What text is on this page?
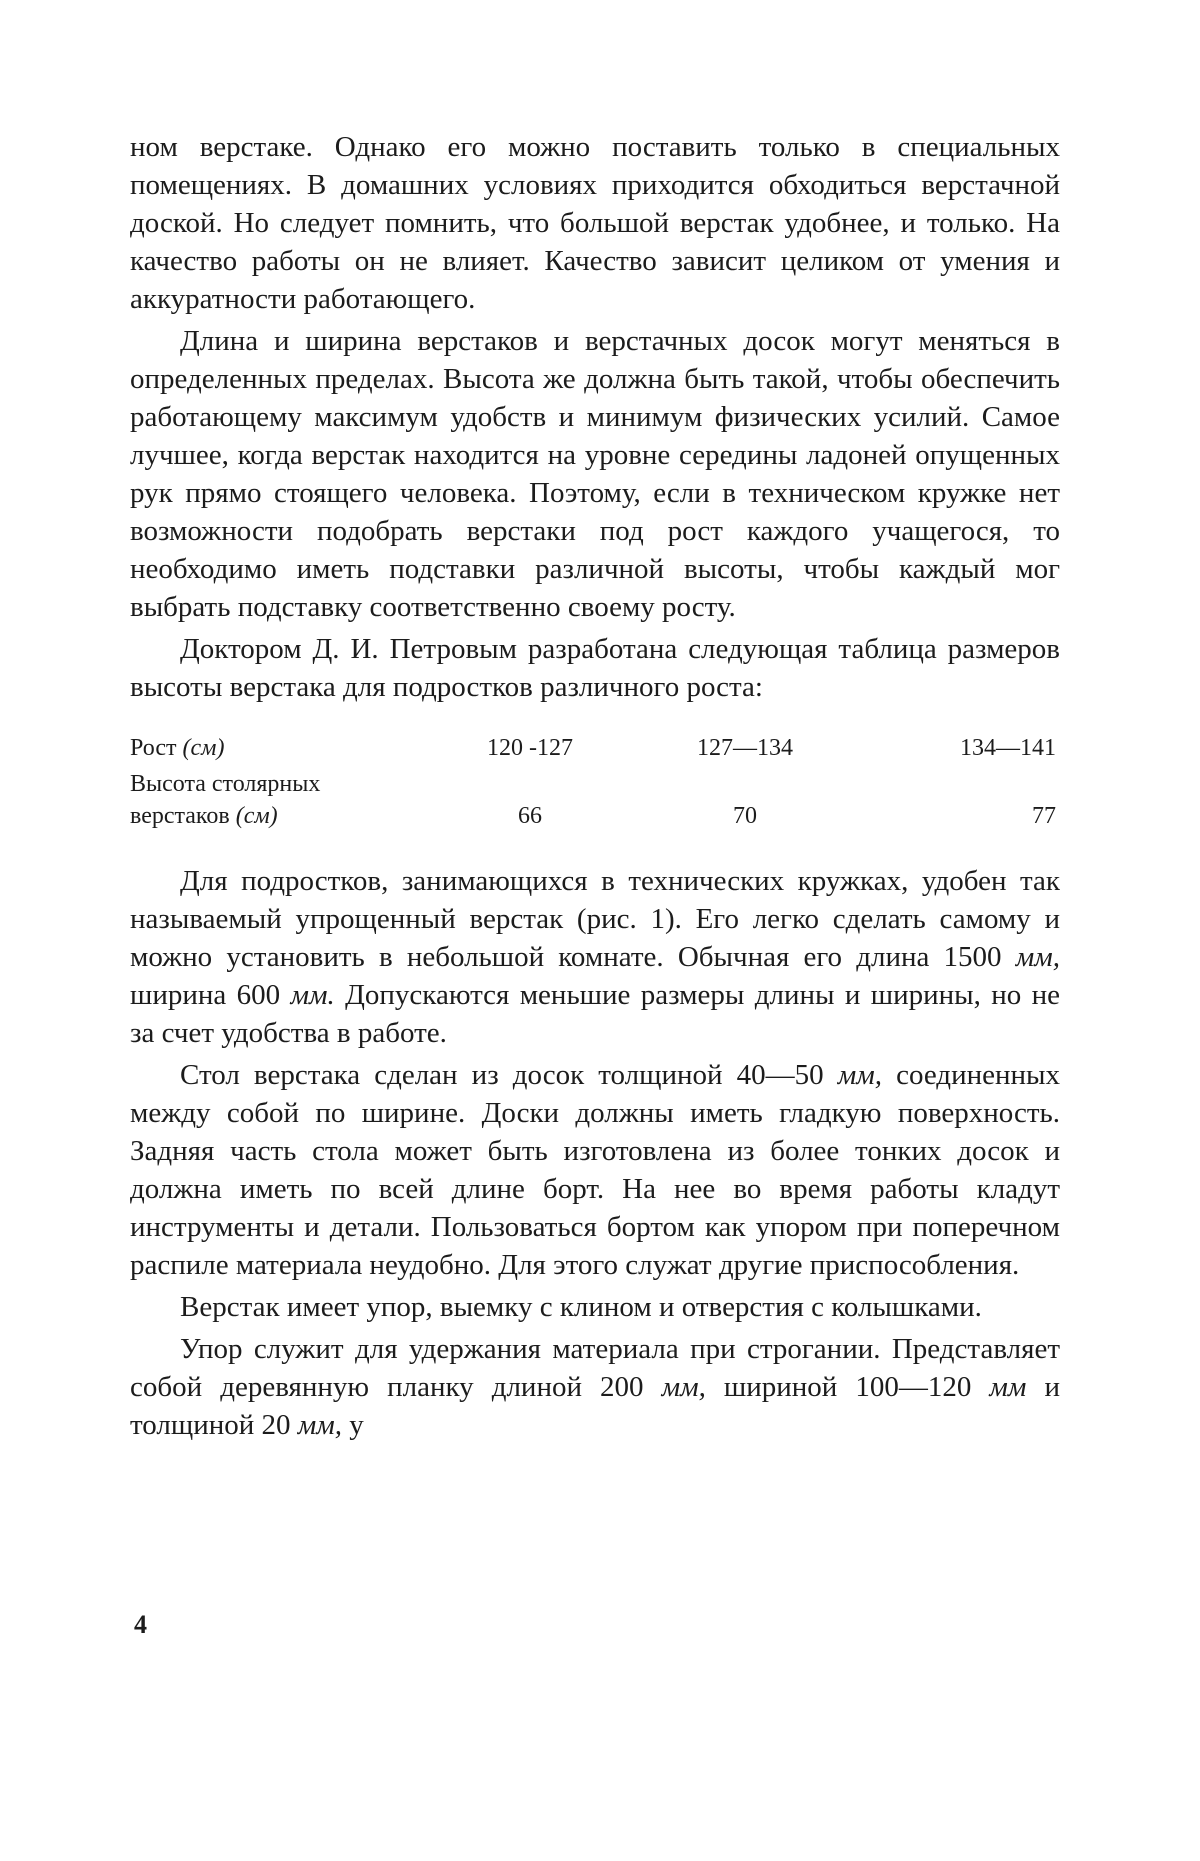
ном верстаке. Однако его можно поставить только в специальных помещениях. В домашних условиях приходится обходиться верстачной доской. Но следует помнить, что большой верстак удобнее, и только. На качество работы он не влияет. Качество зависит целиком от умения и аккуратности работающего.

Длина и ширина верстаков и верстачных досок могут меняться в определенных пределах. Высота же должна быть такой, чтобы обеспечить работающему максимум удобств и минимум физических усилий. Самое лучшее, когда верстак находится на уровне середины ладоней опущенных рук прямо стоящего человека. Поэтому, если в техническом кружке нет возможности подобрать верстаки под рост каждого учащегося, то необходимо иметь подставки различной высоты, чтобы каждый мог выбрать подставку соответственно своему росту.

Доктором Д. И. Петровым разработана следующая таблица размеров высоты верстака для подростков различного роста:

Рост (см)	120 -127	127—134	134—141
Высота столярных
верстаков (см)	66	70	77

Для подростков, занимающихся в технических кружках, удобен так называемый упрощенный верстак (рис. 1). Его легко сделать самому и можно установить в небольшой комнате. Обычная его длина 1500 мм, ширина 600 мм. Допускаются меньшие размеры длины и ширины, но не за счет удобства в работе.

Стол верстака сделан из досок толщиной 40—50 мм, соединенных между собой по ширине. Доски должны иметь гладкую поверхность. Задняя часть стола может быть изготовлена из более тонких досок и должна иметь по всей длине борт. На нее во время работы кладут инструменты и детали. Пользоваться бортом как упором при поперечном распиле материала неудобно. Для этого служат другие приспособления.

Верстак имеет упор, выемку с клином и отверстия с колышками.

Упор служит для удержания материала при строгании. Представляет собой деревянную планку длиной 200 мм, шириной 100—120 мм и толщиной 20 мм, у

4
